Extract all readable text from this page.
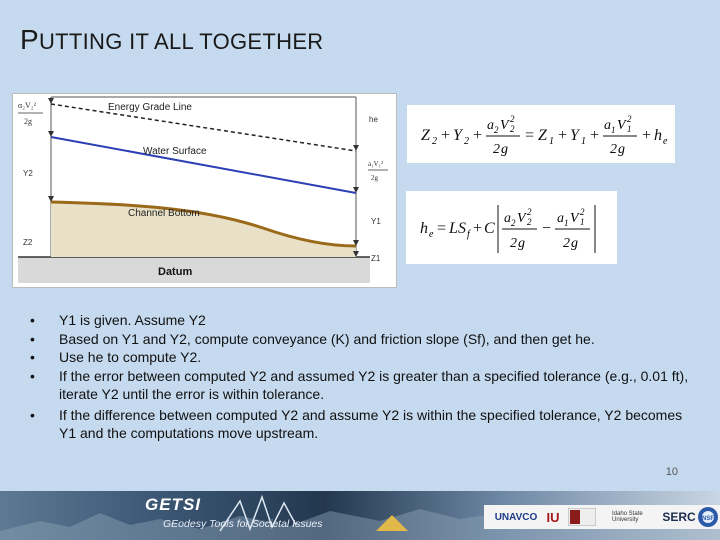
PUTTING IT ALL TOGETHER
Energy Grade Line
Water Surface
Channel Bottom
Datum
α₂V₂²
2g
Y2
Z2
he
a₁V₁²
2g
Y1
Z1
Z 2 + Y 2 +
a 2 V 2
2
2 g
= Z 1 + Y 1 +
a 1 V 1
2
2 g
+ h e
h e = L S f + C
a 2 V 2
2
2 g
−
a 1 V 1
2
2 g
• Y1 is given. Assume Y2
• Based on Y1 and Y2, compute conveyance (K) and friction slope (Sf), and then get he.
• Use he to compute Y2.
• If the error between computed Y2 and assumed Y2 is greater than a specified tolerance (e.g., 0.01 ft), iterate Y2 until the error is within tolerance.
• If the difference between computed Y2 and assume Y2 is within the specified tolerance, Y2 becomes Y1 and the computations move upstream.
10
GETSI
GEodesy Tools for Societal Issues
UNAVCO IU	Idaho State University	SERC NSF
